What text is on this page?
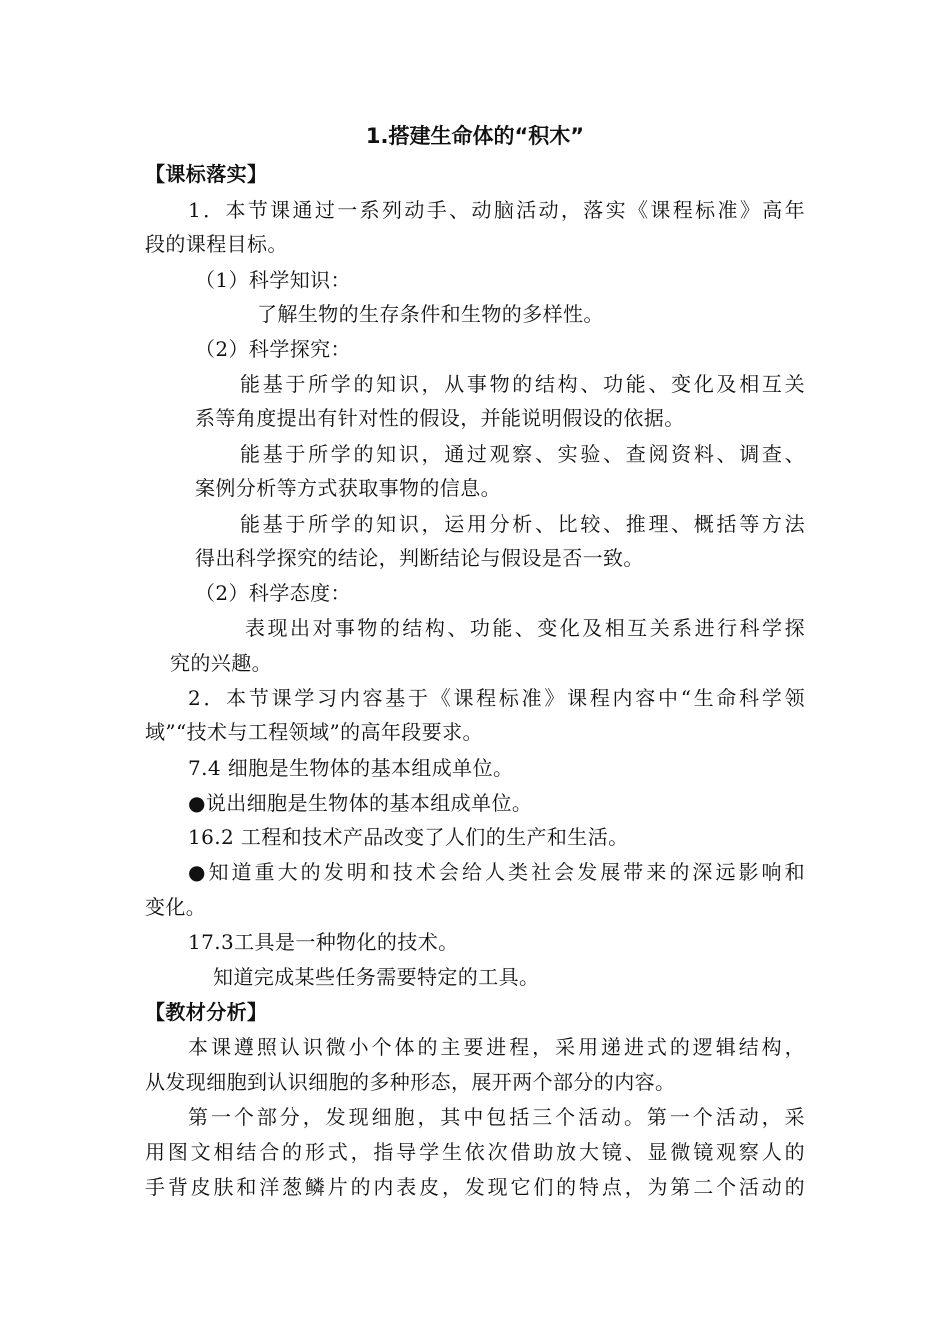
1.搭建生命体的“积木”
【课标落实】
1．本节课通过一系列动手、动脑活动，落实《课程标准》高年
段的课程目标。
（1）科学知识：
了解生物的生存条件和生物的多样性。
（2）科学探究：
能基于所学的知识，从事物的结构、功能、变化及相互关
系等角度提出有针对性的假设，并能说明假设的依据。
能基于所学的知识，通过观察、实验、查阅资料、调查、
案例分析等方式获取事物的信息。
能基于所学的知识，运用分析、比较、推理、概括等方法
得出科学探究的结论，判断结论与假设是否一致。
（2）科学态度：
表现出对事物的结构、功能、变化及相互关系进行科学探
究的兴趣。
2．本节课学习内容基于《课程标准》课程内容中“生命科学领
域”“技术与工程领域”的高年段要求。
7.4 细胞是生物体的基本组成单位。
●说出细胞是生物体的基本组成单位。
16.2 工程和技术产品改变了人们的生产和生活。
●知道重大的发明和技术会给人类社会发展带来的深远影响和
变化。
17.3工具是一种物化的技术。
知道完成某些任务需要特定的工具。
【教材分析】
本课遵照认识微小个体的主要进程，采用递进式的逻辑结构，
从发现细胞到认识细胞的多种形态，展开两个部分的内容。
第一个部分，发现细胞，其中包括三个活动。第一个活动，采
用图文相结合的形式，指导学生依次借助放大镜、显微镜观察人的
手背皮肤和洋葱鳞片的内表皮，发现它们的特点，为第二个活动的
